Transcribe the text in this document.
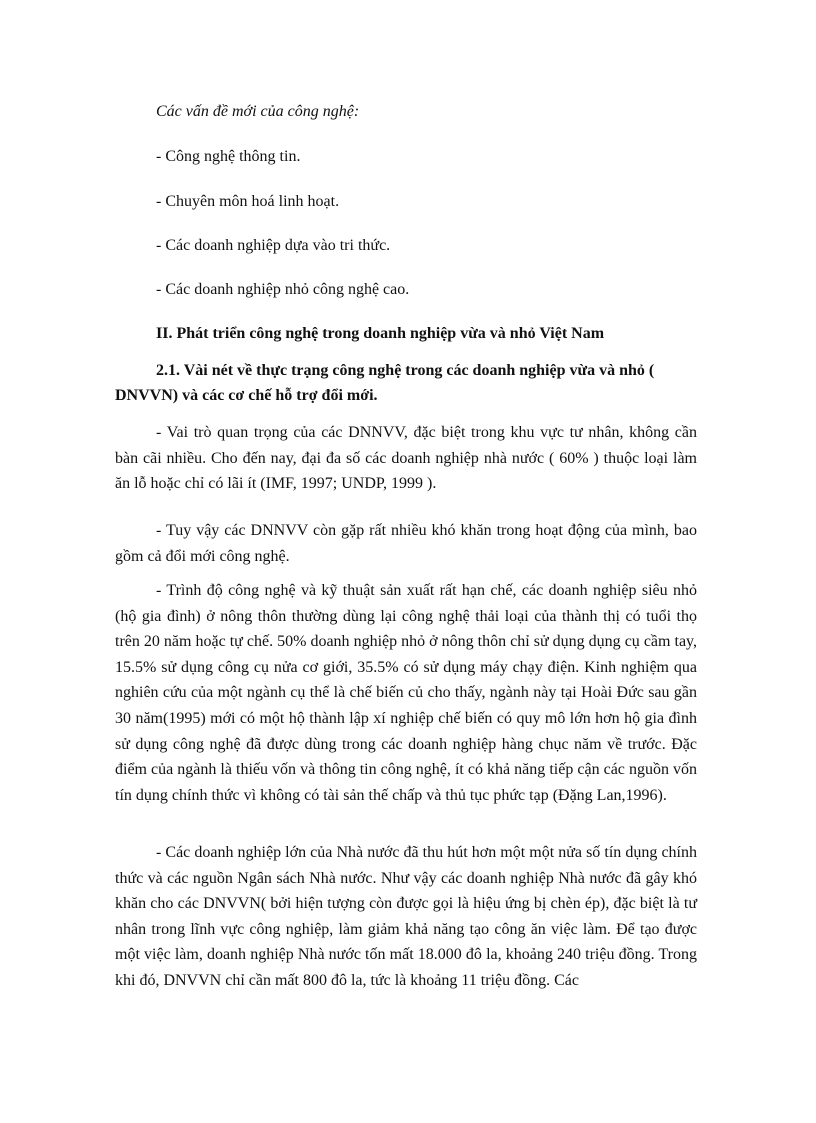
Các vấn đề mới của công nghệ:
- Công nghệ thông tin.
- Chuyên môn hoá linh hoạt.
- Các doanh nghiệp dựa vào tri thức.
- Các doanh nghiệp nhỏ công nghệ cao.
II. Phát triển công nghệ trong doanh nghiệp vừa và nhỏ Việt Nam
2.1. Vài nét về thực trạng công nghệ trong các doanh nghiệp vừa và nhỏ ( DNVVN) và các cơ chế hỗ trợ đổi mới.
- Vai trò quan trọng của các DNNVV, đặc biệt trong khu vực tư nhân, không cần bàn cãi nhiều. Cho đến nay, đại đa số các doanh nghiệp nhà nước ( 60% ) thuộc loại làm ăn lỗ hoặc chỉ có lãi ít (IMF, 1997; UNDP, 1999 ).
- Tuy vậy các DNNVV còn gặp rất nhiều khó khăn trong hoạt động của mình, bao gồm cả đổi mới công nghệ.
- Trình độ công nghệ và kỹ thuật sản xuất rất hạn chế, các doanh nghiệp siêu nhỏ (hộ gia đình) ở nông thôn thường dùng lại công nghệ thải loại của thành thị có tuổi thọ trên 20 năm hoặc tự chế. 50% doanh nghiệp nhỏ ở nông thôn chỉ sử dụng dụng cụ cầm tay, 15.5% sử dụng công cụ nửa cơ giới, 35.5% có sử dụng máy chạy điện. Kinh nghiệm qua nghiên cứu của một ngành cụ thể là chế biến củ cho thấy, ngành này tại Hoài Đức sau gần 30 năm(1995) mới có một hộ thành lập xí nghiệp chế biến có quy mô lớn hơn hộ gia đình sử dụng công nghệ đã được dùng trong các doanh nghiệp hàng chục năm về trước. Đặc điểm của ngành là thiếu vốn và thông tin công nghệ, ít có khả năng tiếp cận các nguồn vốn tín dụng chính thức vì không có tài sản thế chấp và thủ tục phức tạp (Đặng Lan,1996).
- Các doanh nghiệp lớn của Nhà nước đã thu hút hơn một một nửa số tín dụng chính thức và các nguồn Ngân sách Nhà nước. Như vậy các doanh nghiệp Nhà nước đã gây khó khăn cho các DNVVN( bởi hiện tượng còn được gọi là hiệu ứng bị chèn ép), đặc biệt là tư nhân trong lĩnh vực công nghiệp, làm giảm khả năng tạo công ăn việc làm. Để tạo được một việc làm, doanh nghiệp Nhà nước tốn mất 18.000 đô la, khoảng 240 triệu đồng. Trong khi đó, DNVVN chỉ cần mất 800 đô la, tức là khoảng 11 triệu đồng. Các
